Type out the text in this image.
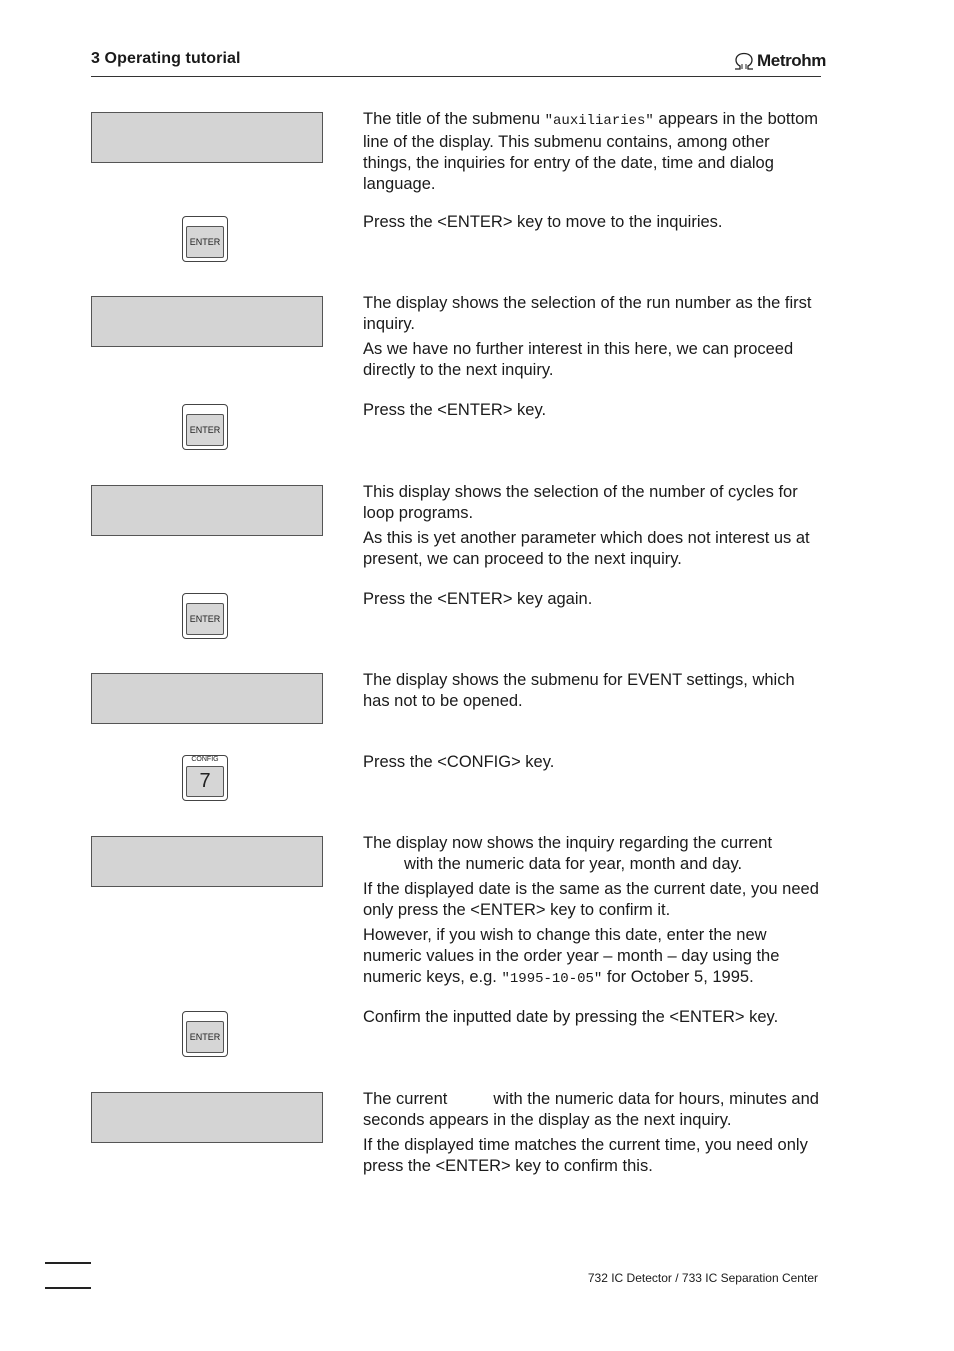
3 Operating tutorial	Metrohm

The title of the submenu "auxiliaries" appears in the bottom line of the display. This submenu contains, among other things, the inquiries for entry of the date, time and dialog language.

ENTER

Press the <ENTER> key to move to the inquiries.

The display shows the selection of the run number as the first inquiry.

As we have no further interest in this here, we can proceed directly to the next inquiry.

ENTER

Press the <ENTER> key.

This display shows the selection of the number of cycles for loop programs.

As this is yet another parameter which does not interest us at present, we can proceed to the next inquiry.

ENTER

Press the <ENTER> key again.

The display shows the submenu for EVENT settings, which has not to be opened.

CONFIG
7

Press the <CONFIG> key.

The display now shows the inquiry regarding the current
with the numeric data for year, month and day.

If the displayed date is the same as the current date, you need only press the <ENTER> key to confirm it.

However, if you wish to change this date, enter the new numeric values in the order year – month – day using the numeric keys, e.g. "1995-10-05" for October 5, 1995.

ENTER

Confirm the inputted date by pressing the <ENTER> key.

The current	with the numeric data for hours, minutes and seconds appears in the display as the next inquiry.

If the displayed time matches the current time, you need only press the <ENTER> key to confirm this.

732 IC Detector / 733 IC Separation Center
